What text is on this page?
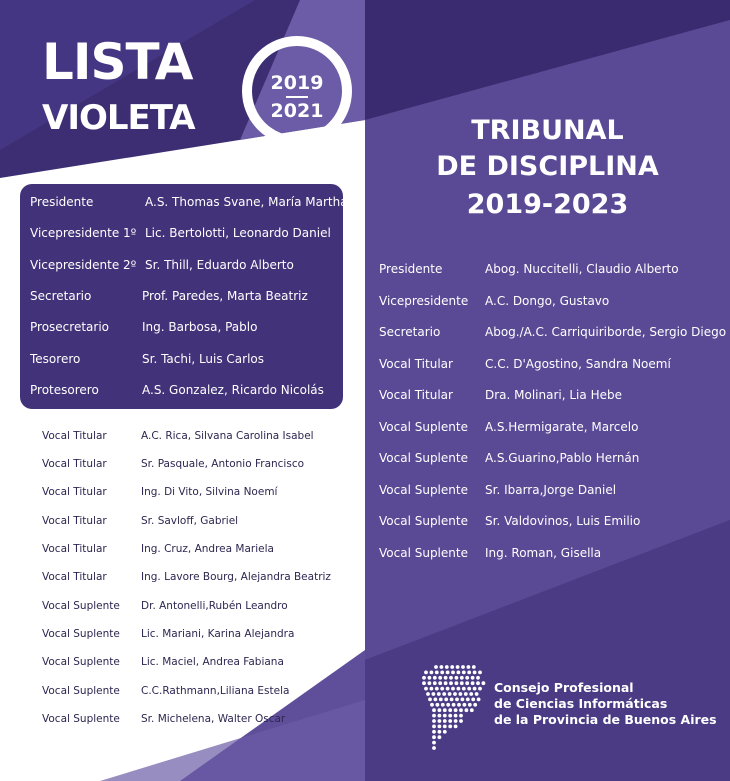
LISTA
VIOLETA
2019
2021
TRIBUNAL
DE DISCIPLINA
2019-2023
Presidente	A.S. Thomas Svane, María Martha
Vicepresidente 1º Lic. Bertolotti, Leonardo Daniel
Vicepresidente 2º Sr. Thill, Eduardo Alberto
Secretario	Prof. Paredes, Marta Beatriz
Prosecretario	Ing. Barbosa, Pablo
Tesorero	Sr. Tachi, Luis Carlos
Protesorero	A.S. Gonzalez, Ricardo Nicolás
Vocal Titular	A.C. Rica, Silvana Carolina Isabel
Vocal Titular	Sr. Pasquale, Antonio Francisco
Vocal Titular	Ing. Di Vito, Silvina Noemí
Vocal Titular	Sr. Savloff, Gabriel
Vocal Titular	Ing. Cruz, Andrea Mariela
Vocal Titular	Ing. Lavore Bourg, Alejandra Beatriz
Vocal Suplente Dr. Antonelli,Rubén Leandro
Vocal Suplente Lic. Mariani, Karina Alejandra
Vocal Suplente Lic. Maciel, Andrea Fabiana
Vocal Suplente C.C.Rathmann,Liliana Estela
Vocal Suplente Sr. Michelena, Walter Oscar
Presidente	Abog. Nuccitelli, Claudio Alberto
Vicepresidente A.C. Dongo, Gustavo
Secretario	Abog./A.C. Carriquiriborde, Sergio Diego
Vocal Titular	C.C. D'Agostino, Sandra Noemí
Vocal Titular	Dra. Molinari, Lia Hebe
Vocal Suplente A.S.Hermigarate, Marcelo
Vocal Suplente A.S.Guarino,Pablo Hernán
Vocal Suplente Sr. Ibarra,Jorge Daniel
Vocal Suplente Sr. Valdovinos, Luis Emilio
Vocal Suplente Ing. Roman, Gisella
Consejo Profesional
de Ciencias Informáticas
de la Provincia de Buenos Aires
